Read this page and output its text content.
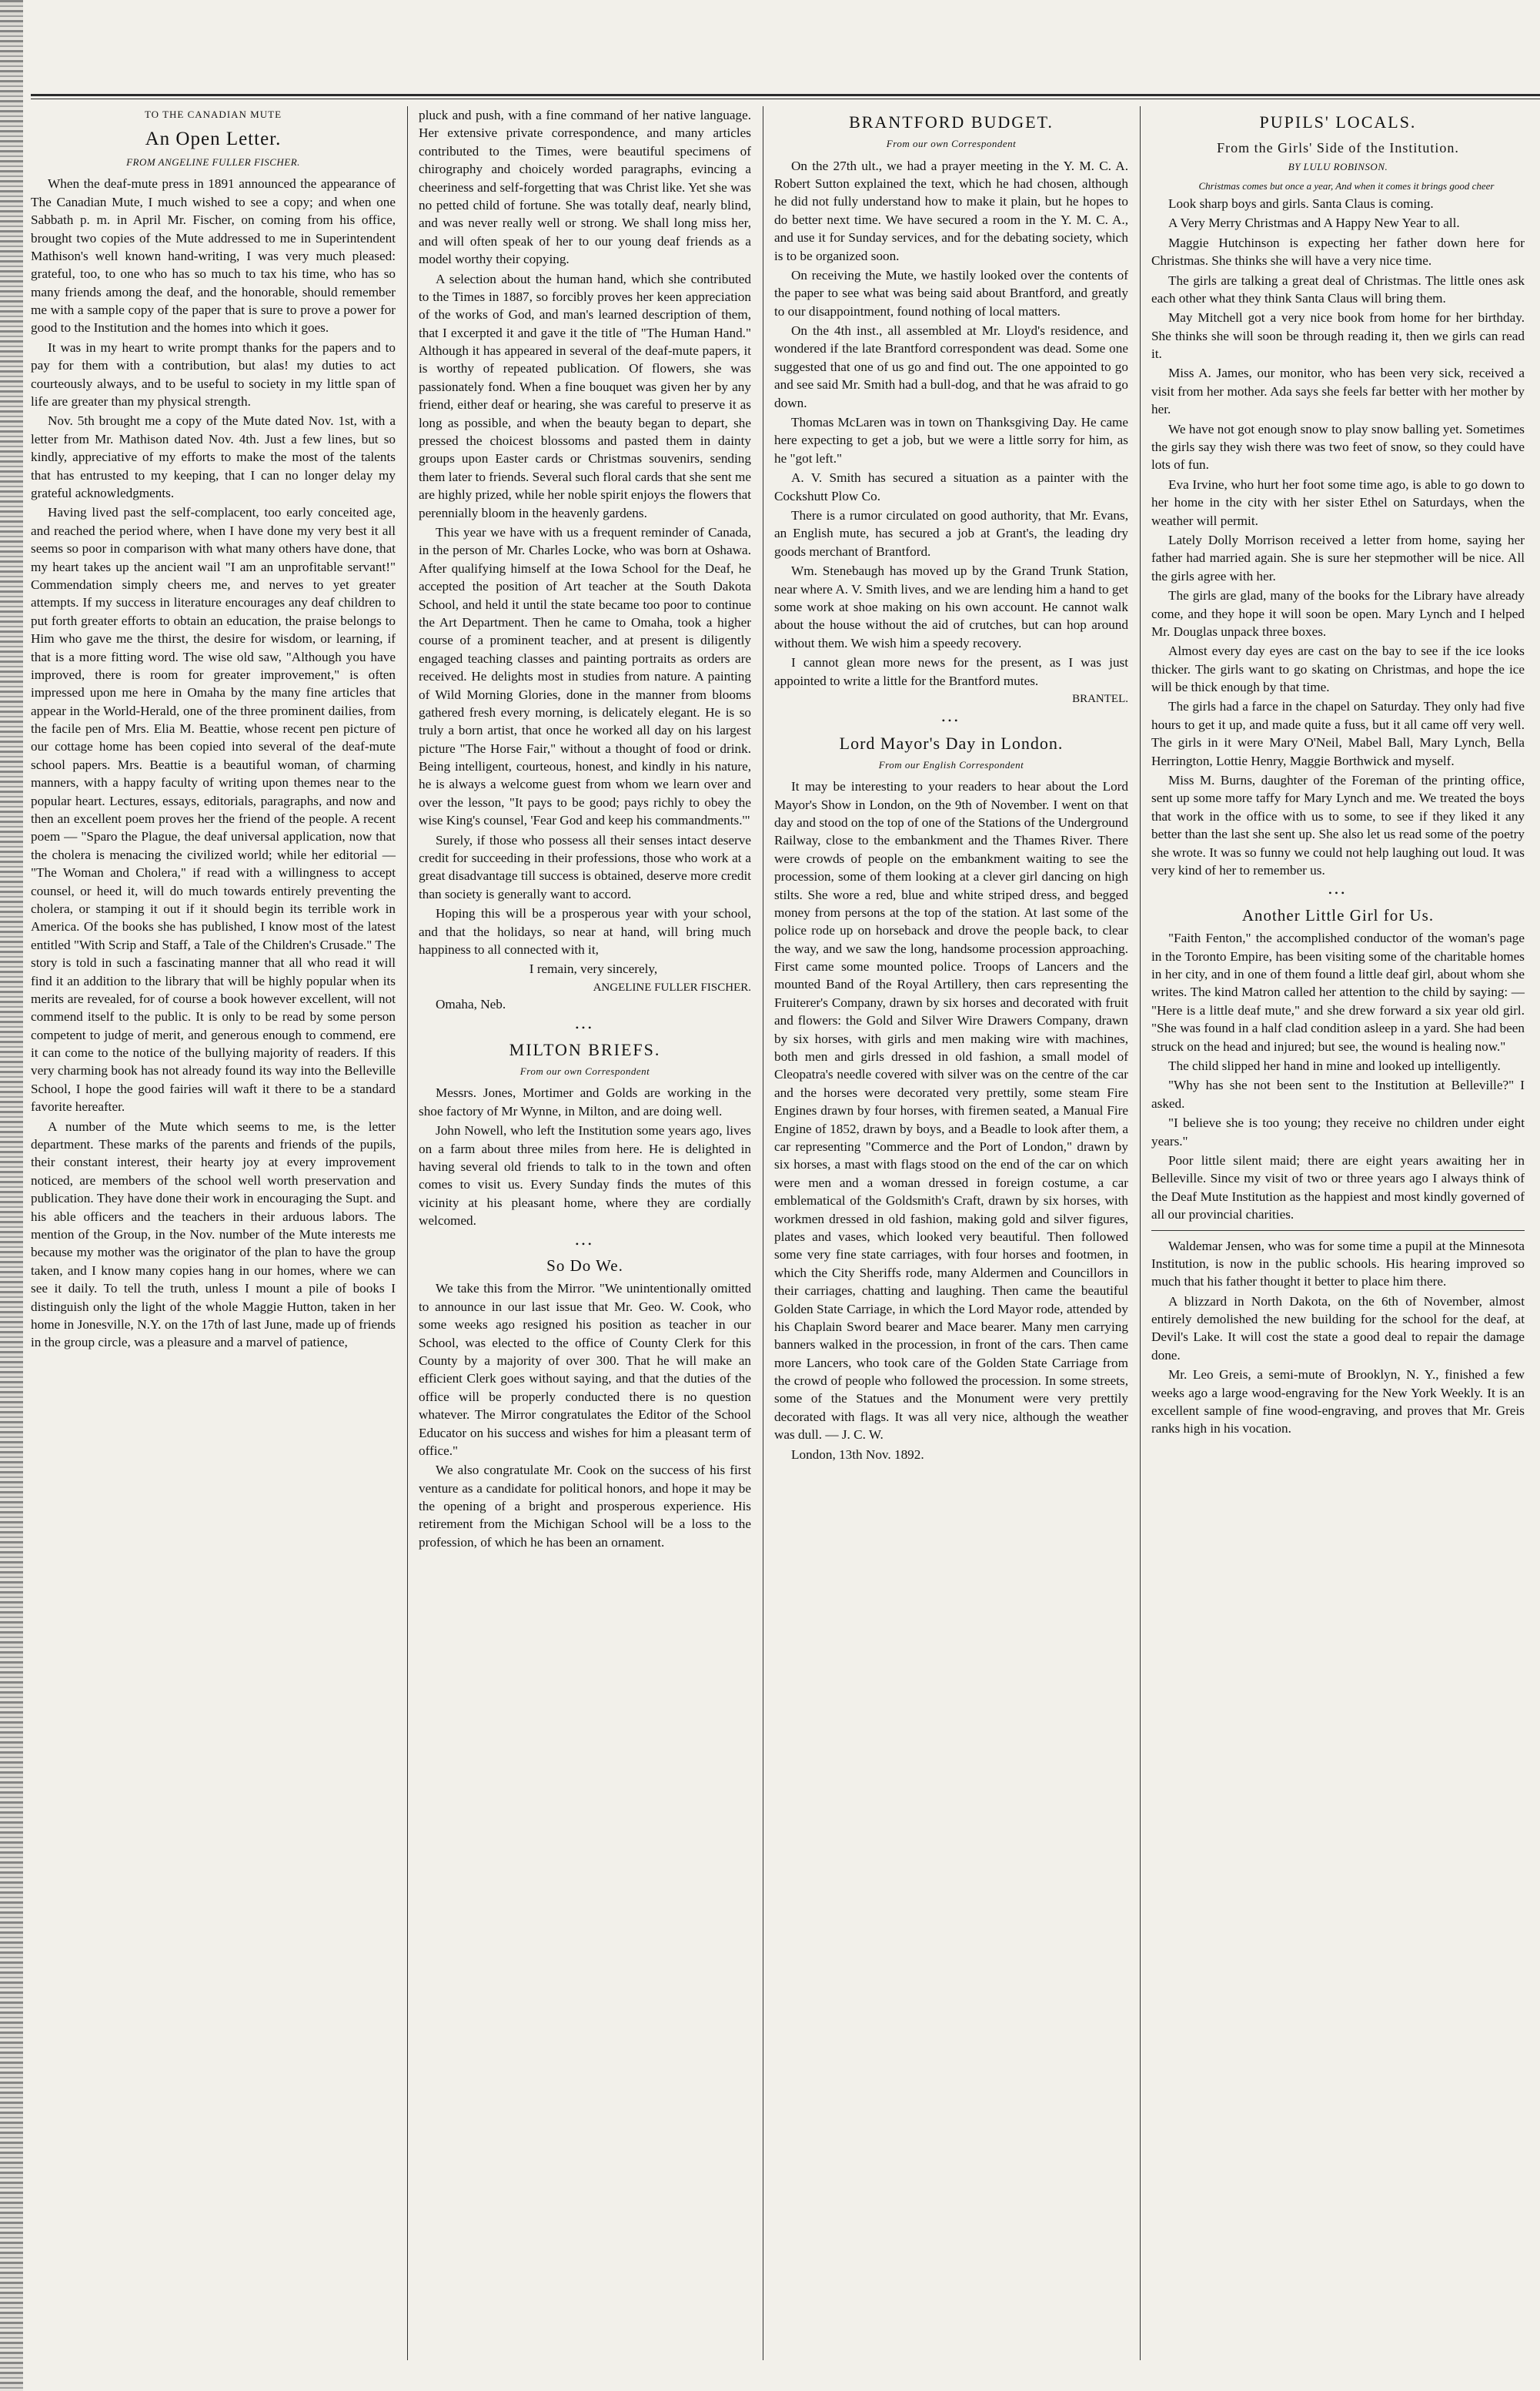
TO THE CANADIAN MUTE
An Open Letter.
FROM ANGELINE FULLER FISCHER.

When the deaf-mute press in 1891 announced the appearance of The Canadian Mute, I much wished to see a copy; and when one Sabbath p. m. in April Mr. Fischer, on coming from his office, brought two copies of the Mute addressed to me in Superintendent Mathison's well known hand-writing, I was very much pleased: grateful, too, to one who has so much to tax his time, who has so many friends among the deaf, and the honorable, should remember me with a sample copy of the paper that is sure to prove a power for good to the Institution and the homes into which it goes.

It was in my heart to write prompt thanks for the papers and to pay for them with a contribution, but alas! my duties to act courteously always, and to be useful to society in my little span of life are greater than my physical strength.

Nov. 5th brought me a copy of the Mute dated Nov. 1st, with a letter from Mr. Mathison dated Nov. 4th. Just a few lines, but so kindly, appreciative of my efforts to make the most of the talents that has entrusted to my keeping, that I can no longer delay my grateful acknowledgments.

Having lived past the self-complacent, too early conceited age, and reached the period where, when I have done my very best it all seems so poor in comparison with what many others have done, that my heart takes up the ancient wail "I am an unprofitable servant!" Commendation simply cheers me, and nerves to yet greater attempts. If my success in literature encourages any deaf children to put forth greater efforts to obtain an education, the praise belongs to Him who gave me the thirst, the desire for wisdom, or learning, if that is a more fitting word. The wise old saw, "Although you have improved, there is room for greater improvement," is often impressed upon me here in Omaha by the many fine articles that appear in the World-Herald, one of the three prominent dailies, from the facile pen of Mrs. Elia M. Beattie, whose recent pen picture of our cottage home has been copied into several of the deaf-mute school papers. Mrs. Beattie is a beautiful woman, of charming manners, with a happy faculty of writing upon themes near to the popular heart. Lectures, essays, editorials, paragraphs, and now and then an excellent poem proves her the friend of the people. A recent poem — "Sparo the Plague, the deaf universal application, now that the cholera is menacing the civilized world; while her editorial — "The Woman and Cholera," if read with a willingness to accept counsel, or heed it, will do much towards entirely preventing the cholera, or stamping it out if it should begin its terrible work in America. Of the books she has published, I know most of the latest entitled "With Scrip and Staff, a Tale of the Children's Crusade." The story is told in such a fascinating manner that all who read it will find it an addition to the library that will be highly popular when its merits are revealed, for of course a book however excellent, will not commend itself to the public. It is only to be read by some person competent to judge of merit, and generous enough to commend, ere it can come to the notice of the bullying majority of readers. If this very charming book has not already found its way into the Belleville School, I hope the good fairies will waft it there to be a standard favorite hereafter.

A number of the Mute which seems to me, is the letter department. These marks of the parents and friends of the pupils, their constant interest, their hearty joy at every improvement noticed, are members of the school well worth preservation and publication. They have done their work in encouraging the Supt. and his able officers and the teachers in their arduous labors. The mention of the Group, in the Nov. number of the Mute interests me because my mother was the originator of the plan to have the group taken, and I know many copies hang in our homes, where we can see it daily. To tell the truth, unless I mount a pile of books I distinguish only the light of the whole Maggie Hutton, taken in her home in Jonesville, N.Y. on the 17th of last June, made up of friends in the group circle, was a pleasure and a marvel of patience,

pluck and push, with a fine command of her native language. Her extensive private correspondence, and many articles contributed to the Times, were beautiful specimens of chirography and choicely worded paragraphs, evincing a cheeriness and self-forgetting that was Christ like. Yet she was no petted child of fortune. She was totally deaf, nearly blind, and was never really well or strong. We shall long miss her, and will often speak of her to our young deaf friends as a model worthy their copying.

A selection about the human hand, which she contributed to the Times in 1887, so forcibly proves her keen appreciation of the works of God, and man's learned description of them, that I excerpted it and gave it the title of "The Human Hand." Although it has appeared in several of the deaf-mute papers, it is worthy of repeated publication. Of flowers, she was passionately fond. When a fine bouquet was given her by any friend, either deaf or hearing, she was careful to preserve it as long as possible, and when the beauty began to depart, she pressed the choicest blossoms and pasted them in dainty groups upon Easter cards or Christmas souvenirs, sending them later to friends. Several such floral cards that she sent me are highly prized, while her noble spirit enjoys the flowers that perennially bloom in the heavenly gardens.

This year we have with us a frequent reminder of Canada, in the person of Mr. Charles Locke, who was born at Oshawa. After qualifying himself at the Iowa School for the Deaf, he accepted the position of Art teacher at the South Dakota School, and held it until the state became too poor to continue the Art Department. Then he came to Omaha, took a higher course of a prominent teacher, and at present is diligently engaged teaching classes and painting portraits as orders are received. He delights most in studies from nature. A painting of Wild Morning Glories, done in the manner from blooms gathered fresh every morning, is delicately elegant. He is so truly a born artist, that once he worked all day on his largest picture "The Horse Fair," without a thought of food or drink. Being intelligent, courteous, honest, and kindly in his nature, he is always a welcome guest from whom we learn over and over the lesson, "It pays to be good; pays richly to obey the wise King's counsel, 'Fear God and keep his commandments.'"

Surely, if those who possess all their senses intact deserve credit for succeeding in their professions, those who work at a great disadvantage till success is obtained, deserve more credit than society is generally want to accord.

Hoping this will be a prosperous year with your school, and that the holidays, so near at hand, will bring much happiness to all connected with it,

I remain, very sincerely,

ANGELINE FULLER FISCHER.

Omaha, Neb.

•••
MILTON BRIEFS.
From our own Correspondent

Messrs. Jones, Mortimer and Golds are working in the shoe factory of Mr Wynne, in Milton, and are doing well.

John Nowell, who left the Institution some years ago, lives on a farm about three miles from here. He is delighted in having several old friends to talk to in the town and often comes to visit us. Every Sunday finds the mutes of this vicinity at his pleasant home, where they are cordially welcomed.

•••
So Do We.

We take this from the Mirror. "We unintentionally omitted to announce in our last issue that Mr. Geo. W. Cook, who some weeks ago resigned his position as teacher in our School, was elected to the office of County Clerk for this County by a majority of over 300. That he will make an efficient Clerk goes without saying, and that the duties of the office will be properly conducted there is no question whatever. The Mirror congratulates the Editor of the School Educator on his success and wishes for him a pleasant term of office."

We also congratulate Mr. Cook on the success of his first venture as a candidate for political honors, and hope it may be the opening of a bright and prosperous experience. His retirement from the Michigan School will be a loss to the profession, of which he has been an ornament.

BRANTFORD BUDGET.
From our own Correspondent

On the 27th ult., we had a prayer meeting in the Y. M. C. A. Robert Sutton explained the text, which he had chosen, although he did not fully understand how to make it plain, but he hopes to do better next time. We have secured a room in the Y. M. C. A., and use it for Sunday services, and for the debating society, which is to be organized soon.

On receiving the Mute, we hastily looked over the contents of the paper to see what was being said about Brantford, and greatly to our disappointment, found nothing of local matters.

On the 4th inst., all assembled at Mr. Lloyd's residence, and wondered if the late Brantford correspondent was dead. Some one suggested that one of us go and find out. The one appointed to go and see said Mr. Smith had a bull-dog, and that he was afraid to go down.

Thomas McLaren was in town on Thanksgiving Day. He came here expecting to get a job, but we were a little sorry for him, as he "got left."

A. V. Smith has secured a situation as a painter with the Cockshutt Plow Co.

There is a rumor circulated on good authority, that Mr. Evans, an English mute, has secured a job at Grant's, the leading dry goods merchant of Brantford.

Wm. Stenebaugh has moved up by the Grand Trunk Station, near where A. V. Smith lives, and we are lending him a hand to get some work at shoe making on his own account. He cannot walk about the house without the aid of crutches, but can hop around without them. We wish him a speedy recovery.

I cannot glean more news for the present, as I was just appointed to write a little for the Brantford mutes.

BRANTEL.
•••
Lord Mayor's Day in London.
From our English Correspondent

It may be interesting to your readers to hear about the Lord Mayor's Show in London, on the 9th of November. I went on that day and stood on the top of one of the Stations of the Underground Railway, close to the embankment and the Thames River. There were crowds of people on the embankment waiting to see the procession, some of them looking at a clever girl dancing on high stilts. She wore a red, blue and white striped dress, and begged money from persons at the top of the station. At last some of the police rode up on horseback and drove the people back, to clear the way, and we saw the long, handsome procession approaching. First came some mounted police. Troops of Lancers and the mounted Band of the Royal Artillery, then cars representing the Fruiterer's Company, drawn by six horses and decorated with fruit and flowers: the Gold and Silver Wire Drawers Company, drawn by six horses, with girls and men making wire with machines, both men and girls dressed in old fashion, a small model of Cleopatra's needle covered with silver was on the centre of the car and the horses were decorated very prettily, some steam Fire Engines drawn by four horses, with firemen seated, a Manual Fire Engine of 1852, drawn by boys, and a Beadle to look after them, a car representing "Commerce and the Port of London," drawn by six horses, a mast with flags stood on the end of the car on which were men and a woman dressed in foreign costume, a car emblematical of the Goldsmith's Craft, drawn by six horses, with workmen dressed in old fashion, making gold and silver figures, plates and vases, which looked very beautiful. Then followed some very fine state carriages, with four horses and footmen, in which the City Sheriffs rode, many Aldermen and Councillors in their carriages, chatting and laughing. Then came the beautiful Golden State Carriage, in which the Lord Mayor rode, attended by his Chaplain Sword bearer and Mace bearer. Many men carrying banners walked in the procession, in front of the cars. Then came more Lancers, who took care of the Golden State Carriage from the crowd of people who followed the procession. In some streets, some of the Statues and the Monument were very prettily decorated with flags. It was all very nice, although the weather was dull. — J. C. W.

London, 13th Nov. 1892.

PUPILS' LOCALS.
From the Girls' Side of the Institution.
BY LULU ROBINSON.

Christmas comes but once a year, And when it comes it brings good cheer

Look sharp boys and girls. Santa Claus is coming.

A Very Merry Christmas and A Happy New Year to all.

Maggie Hutchinson is expecting her father down here for Christmas. She thinks she will have a very nice time.

The girls are talking a great deal of Christmas. The little ones ask each other what they think Santa Claus will bring them.

May Mitchell got a very nice book from home for her birthday. She thinks she will soon be through reading it, then we girls can read it.

Miss A. James, our monitor, who has been very sick, received a visit from her mother. Ada says she feels far better with her mother by her.

We have not got enough snow to play snow balling yet. Sometimes the girls say they wish there was two feet of snow, so they could have lots of fun.

Eva Irvine, who hurt her foot some time ago, is able to go down to her home in the city with her sister Ethel on Saturdays, when the weather will permit.

Lately Dolly Morrison received a letter from home, saying her father had married again. She is sure her stepmother will be nice. All the girls agree with her.

The girls are glad, many of the books for the Library have already come, and they hope it will soon be open. Mary Lynch and I helped Mr. Douglas unpack three boxes.

Almost every day eyes are cast on the bay to see if the ice looks thicker. The girls want to go skating on Christmas, and hope the ice will be thick enough by that time.

The girls had a farce in the chapel on Saturday. They only had five hours to get it up, and made quite a fuss, but it all came off very well. The girls in it were Mary O'Neil, Mabel Ball, Mary Lynch, Bella Herrington, Lottie Henry, Maggie Borthwick and myself.

Miss M. Burns, daughter of the Foreman of the printing office, sent up some more taffy for Mary Lynch and me. We treated the boys that work in the office with us to some, to see if they liked it any better than the last she sent up. She also let us read some of the poetry she wrote. It was so funny we could not help laughing out loud. It was very kind of her to remember us.

•••
Another Little Girl for Us.

"Faith Fenton," the accomplished conductor of the woman's page in the Toronto Empire, has been visiting some of the charitable homes in her city, and in one of them found a little deaf girl, about whom she writes. The kind Matron called her attention to the child by saying: — "Here is a little deaf mute," and she drew forward a six year old girl. "She was found in a half clad condition asleep in a yard. She had been struck on the head and injured; but see, the wound is healing now."

The child slipped her hand in mine and looked up intelligently.

"Why has she not been sent to the Institution at Belleville?" I asked.

"I believe she is too young; they receive no children under eight years."

Poor little silent maid; there are eight years awaiting her in Belleville. Since my visit of two or three years ago I always think of the Deaf Mute Institution as the happiest and most kindly governed of all our provincial charities.

Waldemar Jensen, who was for some time a pupil at the Minnesota Institution, is now in the public schools. His hearing improved so much that his father thought it better to place him there.

A blizzard in North Dakota, on the 6th of November, almost entirely demolished the new building for the school for the deaf, at Devil's Lake. It will cost the state a good deal to repair the damage done.

Mr. Leo Greis, a semi-mute of Brooklyn, N. Y., finished a few weeks ago a large wood-engraving for the New York Weekly. It is an excellent sample of fine wood-engraving, and proves that Mr. Greis ranks high in his vocation.
